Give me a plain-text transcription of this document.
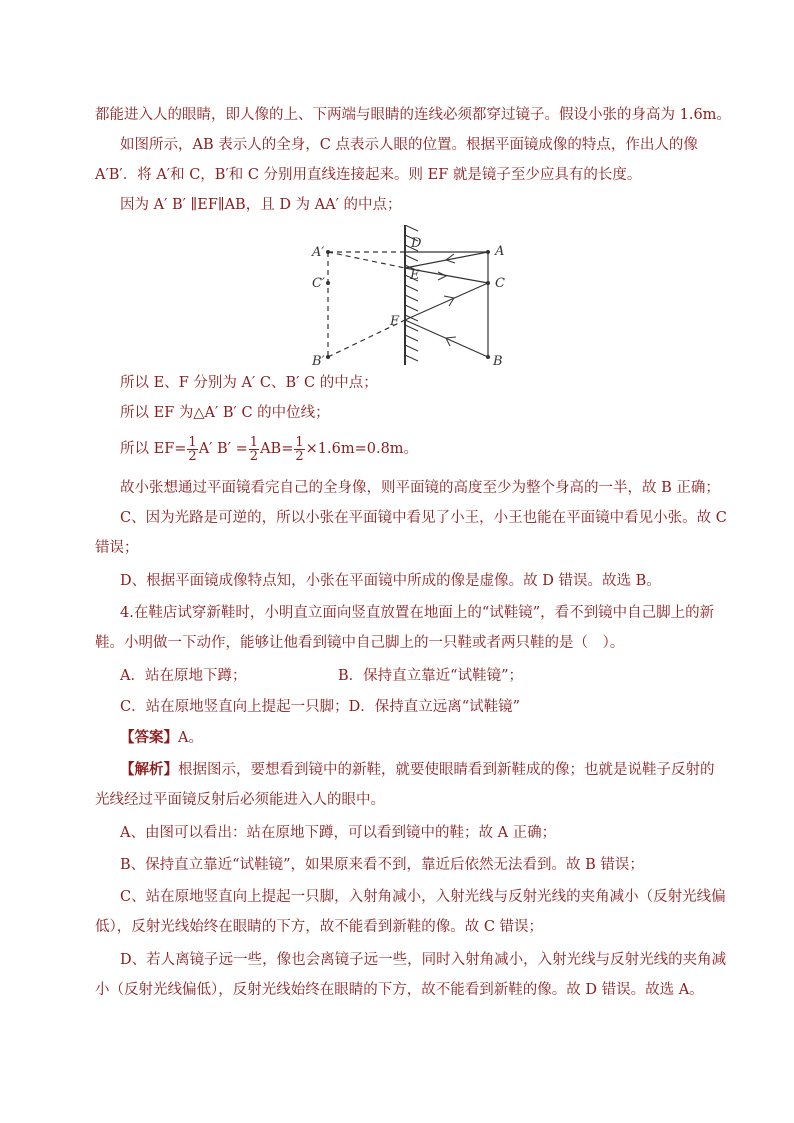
都能进入人的眼睛，即人像的上、下两端与眼睛的连线必须都穿过镜子。假设小张的身高为 1.6m。
如图所示，AB 表示人的全身，C 点表示人眼的位置。根据平面镜成像的特点，作出人的像
A′B′．将 A′和 C，B′和 C 分别用直线连接起来。则 EF 就是镜子至少应具有的长度。
因为 A′ B′ ∥EF∥AB，且 D 为 AA′ 的中点；
A′
C′
B′
D
E
F
A
C
B
所以 E、F 分别为 A′ C、B′ C 的中点；
所以 EF 为△A′ B′ C 的中位线；
所以 $EF= \frac{1}{2} A'$ $B' = \frac{1}{2} AB= \frac{1}{2} \times 1.6m=0.8m$。
故小张想通过平面镜看完自己的全身像，则平面镜的高度至少为整个身高的一半，故 B 正确；
C、因为光路是可逆的，所以小张在平面镜中看见了小王，小王也能在平面镜中看见小张。故 C
错误；
D、根据平面镜成像特点知，小张在平面镜中所成的像是虚像。故 D 错误。故选 B。
4.在鞋店试穿新鞋时，小明直立面向竖直放置在地面上的“试鞋镜”，看不到镜中自己脚上的新
鞋。小明做一下动作，能够让他看到镜中自己脚上的一只鞋或者两只鞋的是（　）。
A．站在原地下蹲；	B．保持直立靠近“试鞋镜”；
C．站在原地竖直向上提起一只脚；D．保持直立远离“试鞋镜”
【答案】A。
【解析】根据图示，要想看到镜中的新鞋，就要使眼睛看到新鞋成的像；也就是说鞋子反射的
光线经过平面镜反射后必须能进入人的眼中。
A、由图可以看出：站在原地下蹲，可以看到镜中的鞋；故 A 正确；
B、保持直立靠近“试鞋镜”，如果原来看不到，靠近后依然无法看到。故 B 错误；
C、站在原地竖直向上提起一只脚，入射角减小，入射光线与反射光线的夹角减小（反射光线偏
低），反射光线始终在眼睛的下方，故不能看到新鞋的像。故 C 错误；
D、若人离镜子远一些，像也会离镜子远一些，同时入射角减小，入射光线与反射光线的夹角减
小（反射光线偏低），反射光线始终在眼睛的下方，故不能看到新鞋的像。故 D 错误。故选 A。
